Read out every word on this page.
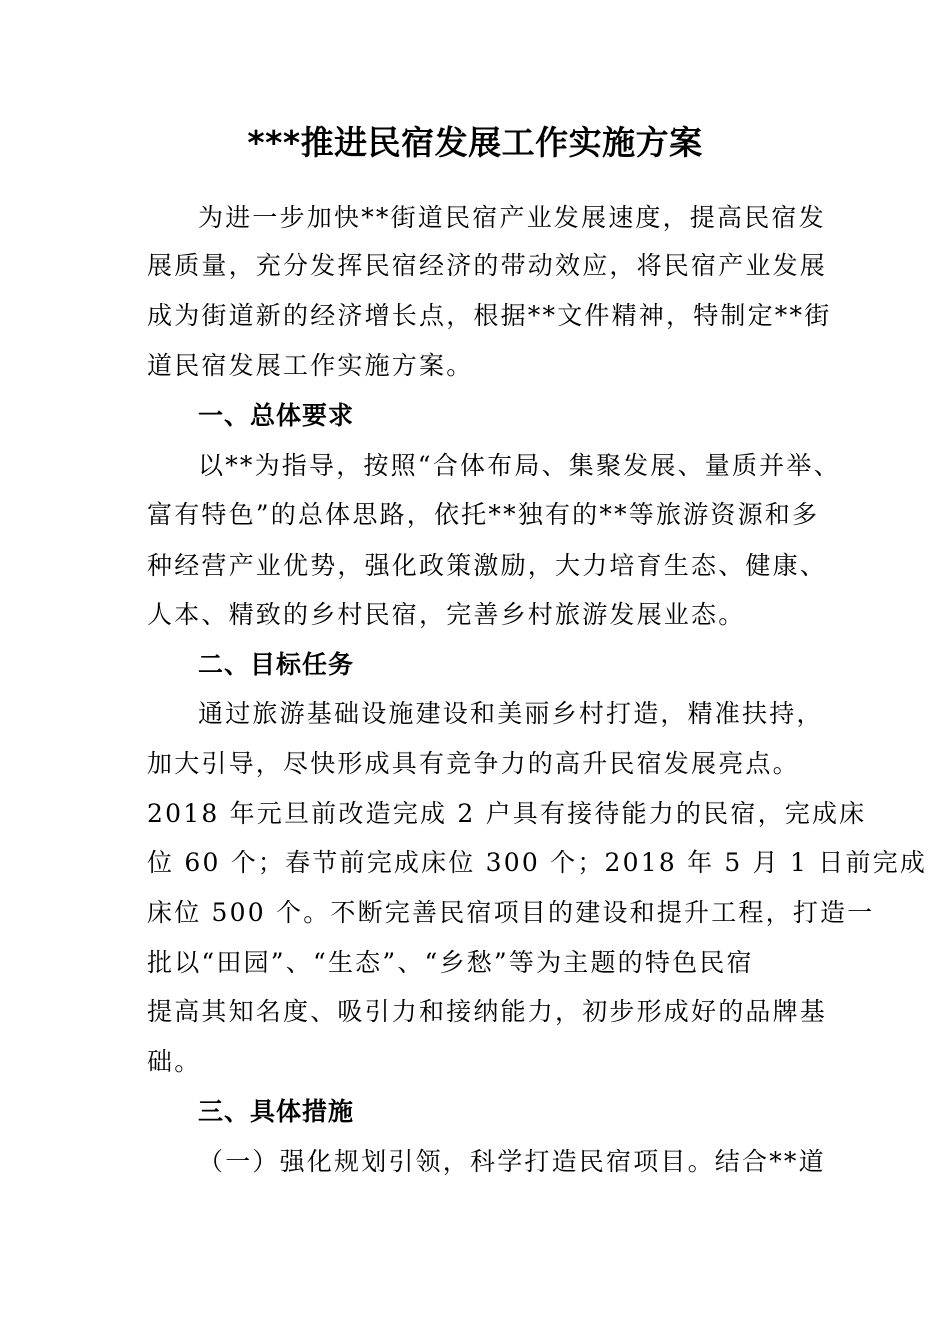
***推进民宿发展工作实施方案
为进一步加快**街道民宿产业发展速度，提高民宿发
展质量，充分发挥民宿经济的带动效应，将民宿产业发展
成为街道新的经济增长点，根据**文件精神，特制定**街
道民宿发展工作实施方案。
一、总体要求
以**为指导，按照“合体布局、集聚发展、量质并举、
富有特色”的总体思路，依托**独有的**等旅游资源和多
种经营产业优势，强化政策激励，大力培育生态、健康、
人本、精致的乡村民宿，完善乡村旅游发展业态。
二、目标任务
通过旅游基础设施建设和美丽乡村打造，精准扶持，
加大引导，尽快形成具有竞争力的高升民宿发展亮点。
2018 年元旦前改造完成 2 户具有接待能力的民宿，完成床
位 60 个；春节前完成床位 300 个；2018 年 5 月 1 日前完成
床位 500 个。不断完善民宿项目的建设和提升工程，打造一
批以“田园”、“生态”、“乡愁”等为主题的特色民宿
提高其知名度、吸引力和接纳能力，初步形成好的品牌基
础。
三、具体措施
（一）强化规划引领，科学打造民宿项目。结合**道
